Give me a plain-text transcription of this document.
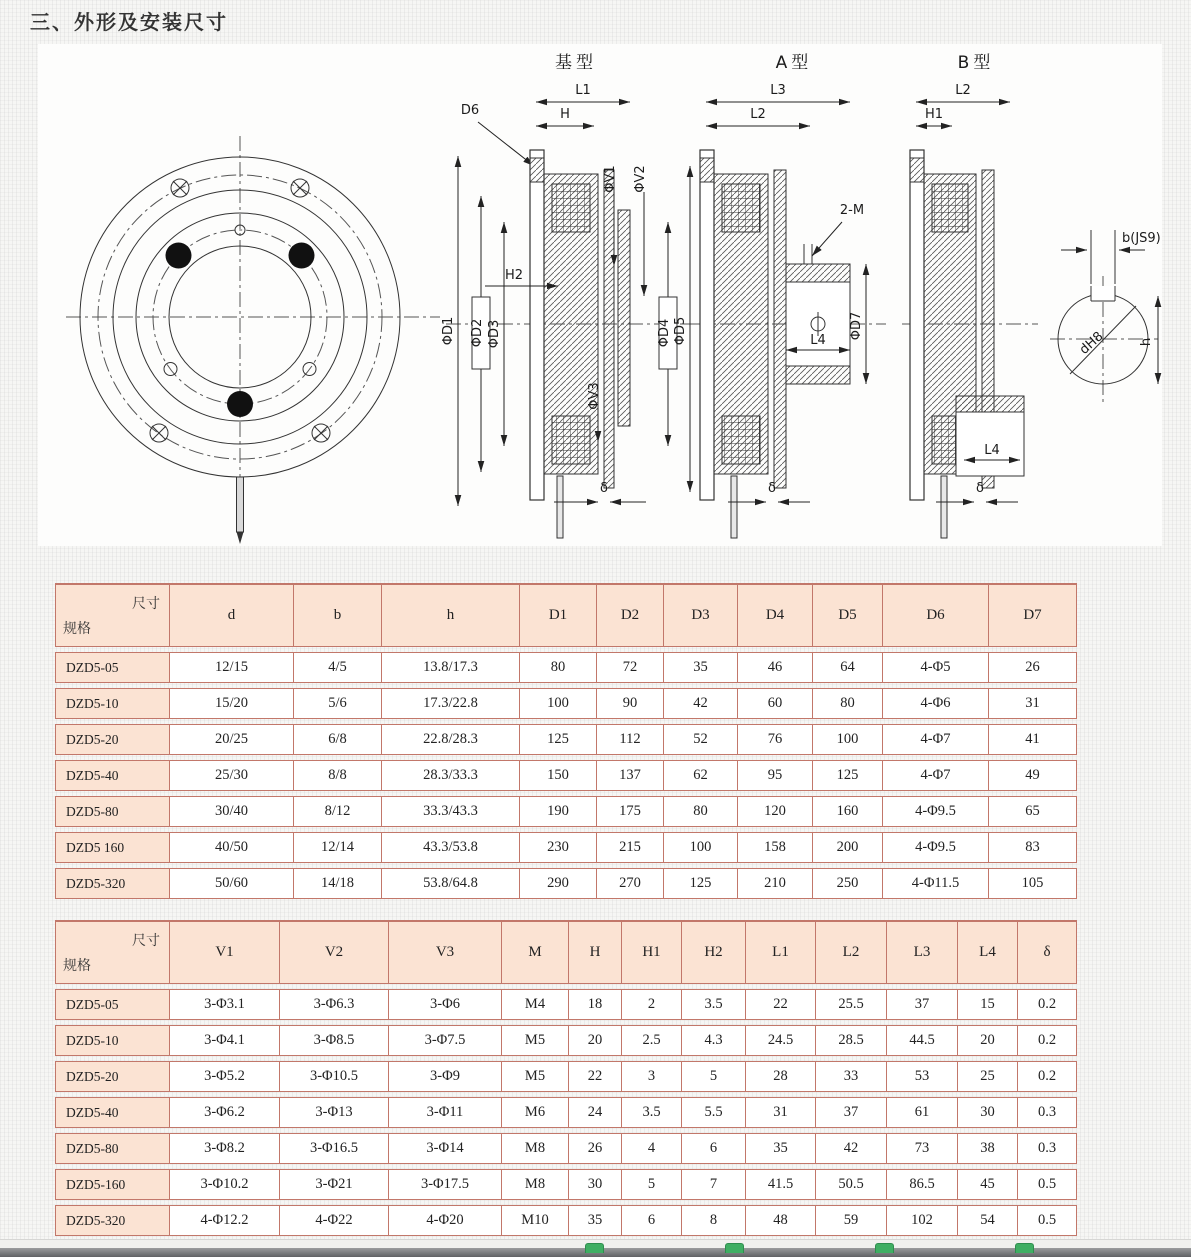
三、外形及安装尺寸
基型
L1
H
D6
ΦD1 ΦD2 ΦD3
ΦV1 ΦV2
H2
ΦV3
ΦD4 ΦD5
δ
A型
L3
L2
2-M
ΦD7
L4
δ
B型
L2
H1
L4
δ
dH8
b(JS9)
h
尺寸
规格
d	b	h	D1	D2	D3	D4	D5	D6	D7
DZD5-05	12/15	4/5	13.8/17.3	80	72	35	46	64	4-Φ5	26
DZD5-10	15/20	5/6	17.3/22.8	100	90	42	60	80	4-Φ6	31
DZD5-20	20/25	6/8	22.8/28.3	125	112	52	76	100	4-Φ7	41
DZD5-40	25/30	8/8	28.3/33.3	150	137	62	95	125	4-Φ7	49
DZD5-80	30/40	8/12	33.3/43.3	190	175	80	120	160	4-Φ9.5	65
DZD5 160	40/50	12/14	43.3/53.8	230	215	100	158	200	4-Φ9.5	83
DZD5-320	50/60	14/18	53.8/64.8	290	270	125	210	250	4-Φ11.5	105
尺寸
规格
V1	V2	V3	M	H	H1	H2	L1	L2	L3	L4	δ
DZD5-05	3-Φ3.1	3-Φ6.3	3-Φ6	M4	18	2	3.5	22	25.5	37	15	0.2
DZD5-10	3-Φ4.1	3-Φ8.5	3-Φ7.5	M5	20	2.5	4.3	24.5	28.5	44.5	20	0.2
DZD5-20	3-Φ5.2	3-Φ10.5	3-Φ9	M5	22	3	5	28	33	53	25	0.2
DZD5-40	3-Φ6.2	3-Φ13	3-Φ11	M6	24	3.5	5.5	31	37	61	30	0.3
DZD5-80	3-Φ8.2	3-Φ16.5	3-Φ14	M8	26	4	6	35	42	73	38	0.3
DZD5-160	3-Φ10.2	3-Φ21	3-Φ17.5	M8	30	5	7	41.5	50.5	86.5	45	0.5
DZD5-320	4-Φ12.2	4-Φ22	4-Φ20	M10	35	6	8	48	59	102	54	0.5
